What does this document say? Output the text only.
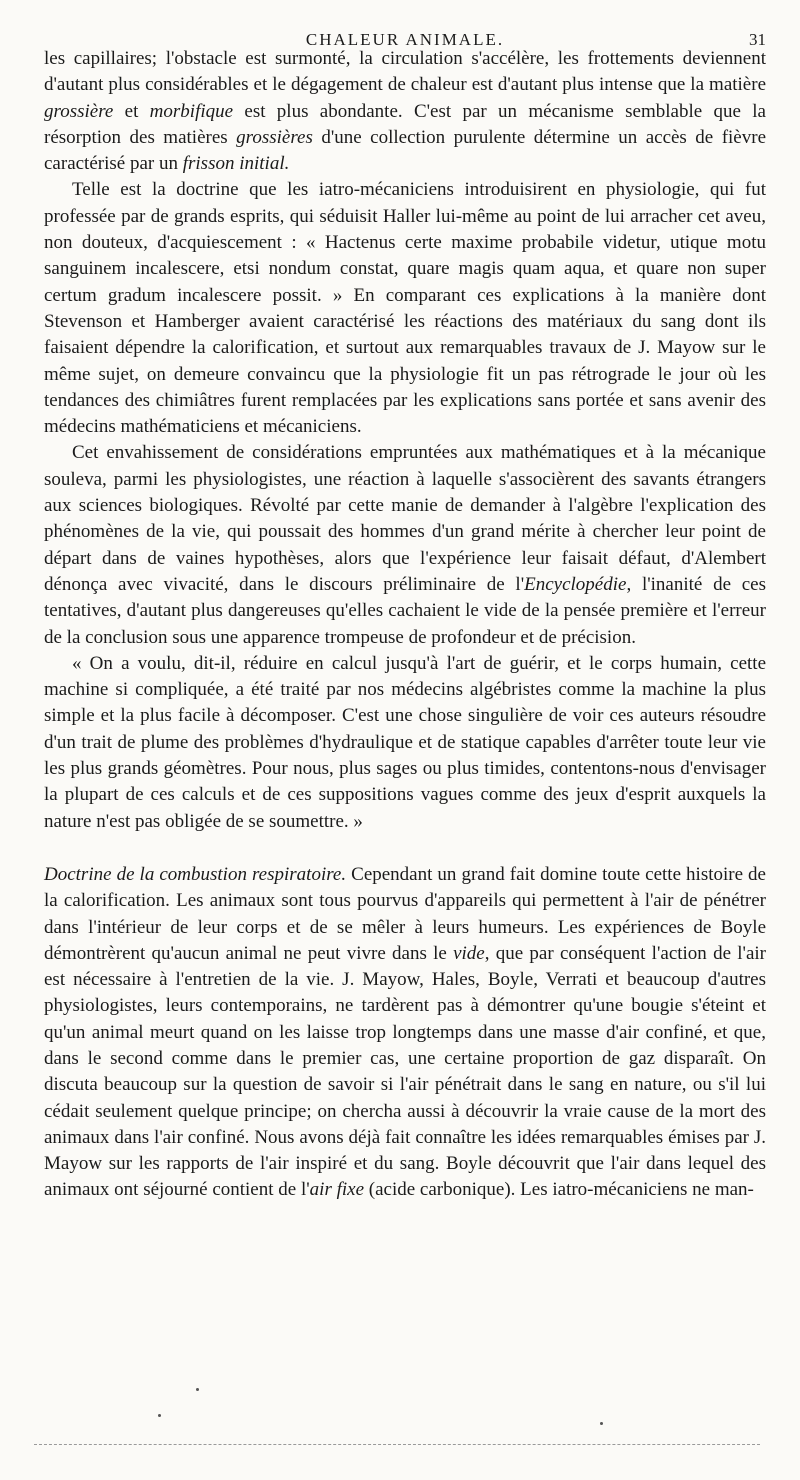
CHALEUR ANIMALE.	31

les capillaires; l'obstacle est surmonté, la circulation s'accélère, les frottements deviennent d'autant plus considérables et le dégagement de chaleur est d'autant plus intense que la matière grossière et morbifique est plus abondante. C'est par un mécanisme semblable que la résorption des matières grossières d'une collection purulente détermine un accès de fièvre caractérisé par un frisson initial.

Telle est la doctrine que les iatro-mécaniciens introduisirent en physiologie, qui fut professée par de grands esprits, qui séduisit Haller lui-même au point de lui arracher cet aveu, non douteux, d'acquiescement : « Hactenus certe maxime probabile videtur, utique motu sanguinem incalescere, etsi nondum constat, quare magis quam aqua, et quare non super certum gradum incalescere possit. » En comparant ces explications à la manière dont Stevenson et Hamberger avaient caractérisé les réactions des matériaux du sang dont ils faisaient dépendre la calorification, et surtout aux remarquables travaux de J. Mayow sur le même sujet, on demeure convaincu que la physiologie fit un pas rétrograde le jour où les tendances des chimiâtres furent remplacées par les explications sans portée et sans avenir des médecins mathématiciens et mécaniciens.

Cet envahissement de considérations empruntées aux mathématiques et à la mécanique souleva, parmi les physiologistes, une réaction à laquelle s'associèrent des savants étrangers aux sciences biologiques. Révolté par cette manie de demander à l'algèbre l'explication des phénomènes de la vie, qui poussait des hommes d'un grand mérite à chercher leur point de départ dans de vaines hypothèses, alors que l'expérience leur faisait défaut, d'Alembert dénonça avec vivacité, dans le discours préliminaire de l'Encyclopédie, l'inanité de ces tentatives, d'autant plus dangereuses qu'elles cachaient le vide de la pensée première et l'erreur de la conclusion sous une apparence trompeuse de profondeur et de précision.

« On a voulu, dit-il, réduire en calcul jusqu'à l'art de guérir, et le corps humain, cette machine si compliquée, a été traité par nos médecins algébristes comme la machine la plus simple et la plus facile à décomposer. C'est une chose singulière de voir ces auteurs résoudre d'un trait de plume des problèmes d'hydraulique et de statique capables d'arrêter toute leur vie les plus grands géomètres. Pour nous, plus sages ou plus timides, contentons-nous d'envisager la plupart de ces calculs et de ces suppositions vagues comme des jeux d'esprit auxquels la nature n'est pas obligée de se soumettre. »

Doctrine de la combustion respiratoire. Cependant un grand fait domine toute cette histoire de la calorification. Les animaux sont tous pourvus d'appareils qui permettent à l'air de pénétrer dans l'intérieur de leur corps et de se mêler à leurs humeurs. Les expériences de Boyle démontrèrent qu'aucun animal ne peut vivre dans le vide, que par conséquent l'action de l'air est nécessaire à l'entretien de la vie. J. Mayow, Hales, Boyle, Verrati et beaucoup d'autres physiologistes, leurs contemporains, ne tardèrent pas à démontrer qu'une bougie s'éteint et qu'un animal meurt quand on les laisse trop longtemps dans une masse d'air confiné, et que, dans le second comme dans le premier cas, une certaine proportion de gaz disparaît. On discuta beaucoup sur la question de savoir si l'air pénétrait dans le sang en nature, ou s'il lui cédait seulement quelque principe; on chercha aussi à découvrir la vraie cause de la mort des animaux dans l'air confiné. Nous avons déjà fait connaître les idées remarquables émises par J. Mayow sur les rapports de l'air inspiré et du sang. Boyle découvrit que l'air dans lequel des animaux ont séjourné contient de l'air fixe (acide carbonique). Les iatro-mécaniciens ne man-
